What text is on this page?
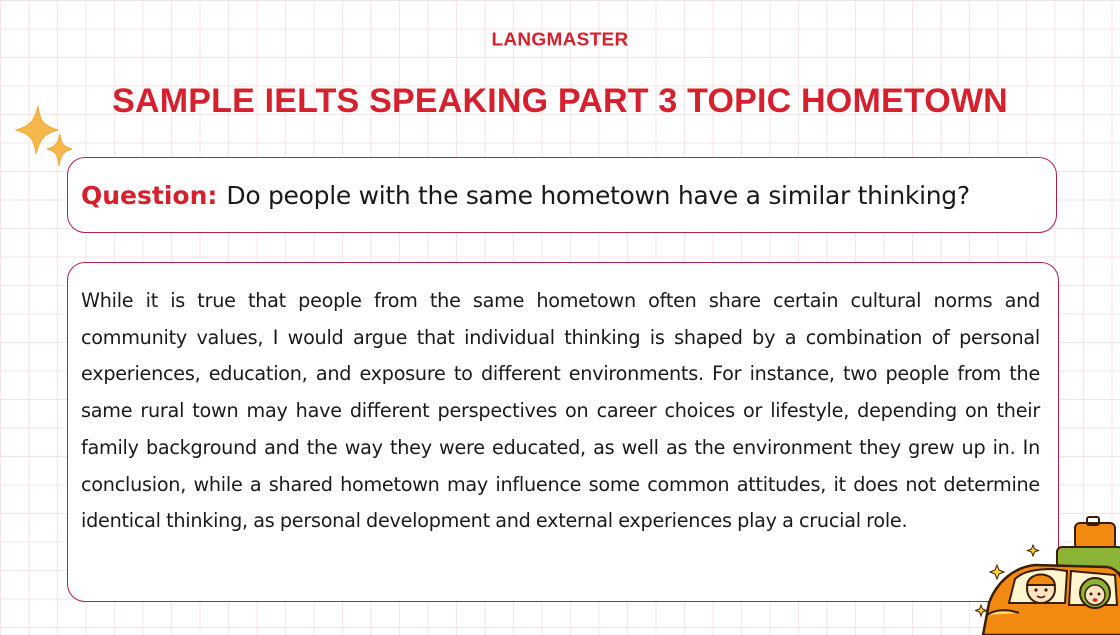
LANGMASTER
SAMPLE IELTS SPEAKING PART 3 TOPIC HOMETOWN
Question: Do people with the same hometown have a similar thinking?

While it is true that people from the same hometown often share certain cultural norms and community values, I would argue that individual thinking is shaped by a combination of personal experiences, education, and exposure to different environments. For instance, two people from the same rural town may have different perspectives on career choices or lifestyle, depending on their family background and the way they were educated, as well as the environment they grew up in. In conclusion, while a shared hometown may influence some common attitudes, it does not determine identical thinking, as personal development and external experiences play a crucial role.
